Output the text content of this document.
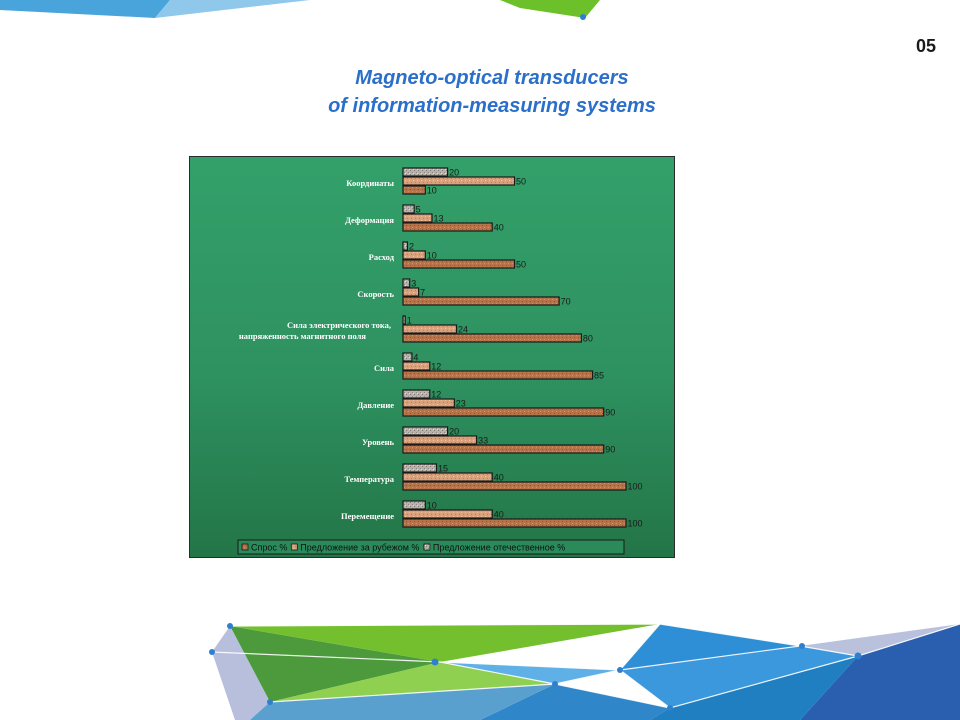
05
Magneto-optical transducers
of information-measuring systems
Координаты
20
50
10
Деформация
5
13
40
Расход
2
10
50
Скорость
3
7
70
Сила электрического тока,
напряженность магнитного поля
1
24
80
Сила
4
12
85
Давление
12
23
90
Уровень
20
33
90
Температура
15
40
100
Перемещение
10
40
100
Спрос % Предложение за рубежом % Предложение отечественное %
